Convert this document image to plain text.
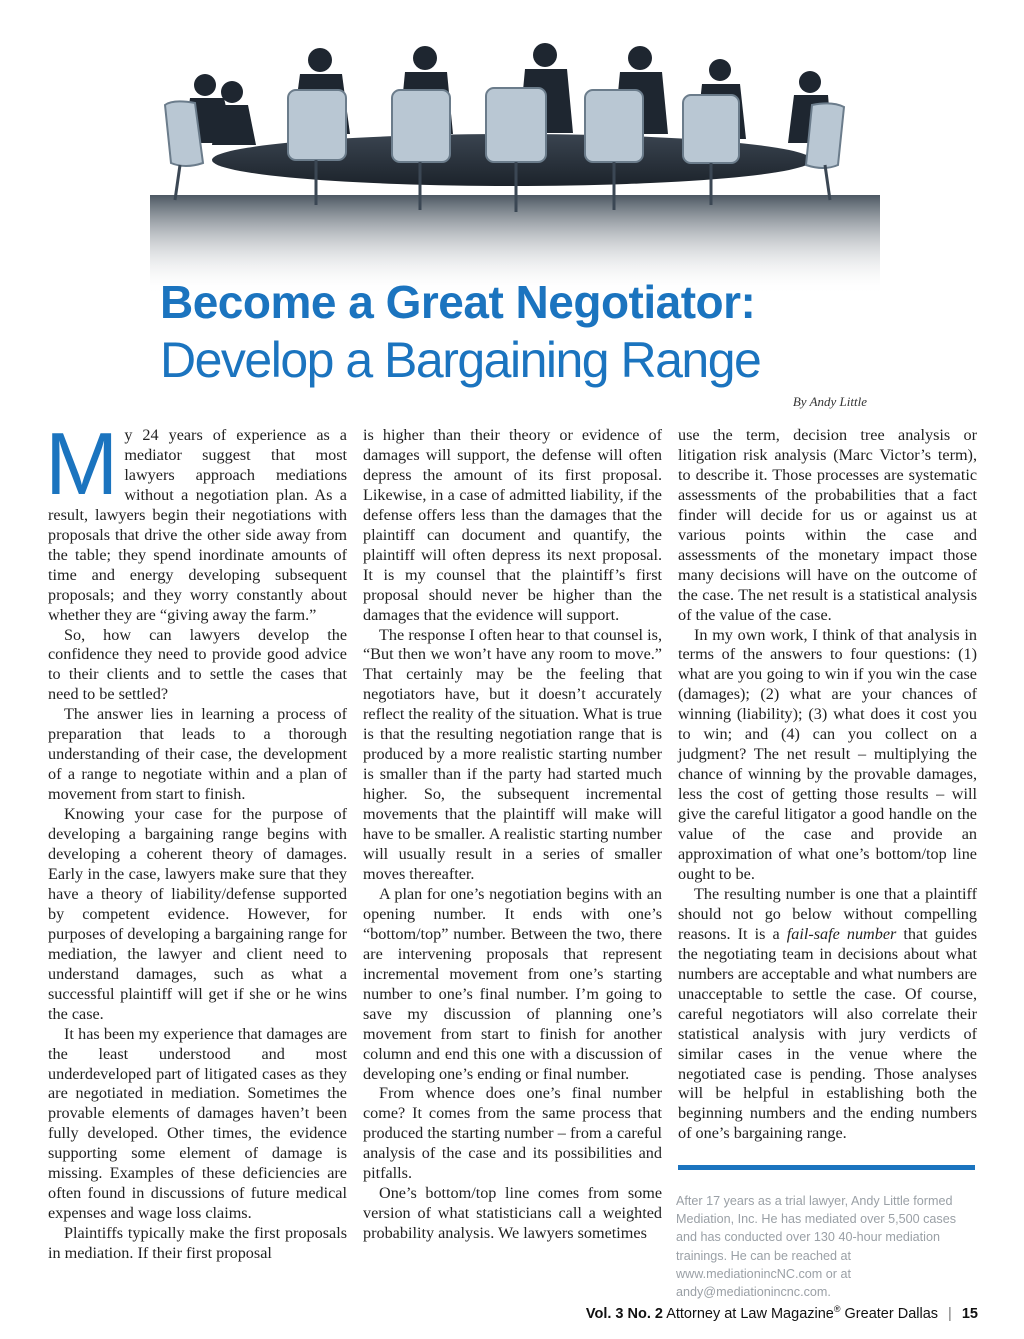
Become a Great Negotiator:
Develop a Bargaining Range
By Andy Little

My 24 years of experience as a mediator suggest that most lawyers approach mediations without a negotiation plan. As a result, lawyers begin their negotiations with proposals that drive the other side away from the table; they spend inordinate amounts of time and energy developing subsequent proposals; and they worry constantly about whether they are “giving away the farm.”

So, how can lawyers develop the confidence they need to provide good advice to their clients and to settle the cases that need to be settled?

The answer lies in learning a process of preparation that leads to a thorough understanding of their case, the development of a range to negotiate within and a plan of movement from start to finish.

Knowing your case for the purpose of developing a bargaining range begins with developing a coherent theory of damages. Early in the case, lawyers make sure that they have a theory of liability/defense supported by competent evidence. However, for purposes of developing a bargaining range for mediation, the lawyer and client need to understand damages, such as what a successful plaintiff will get if she or he wins the case.

It has been my experience that damages are the least understood and most underdeveloped part of litigated cases as they are negotiated in mediation. Sometimes the provable elements of damages haven’t been fully developed. Other times, the evidence supporting some element of damage is missing. Examples of these deficiencies are often found in discussions of future medical expenses and wage loss claims.

Plaintiffs typically make the first proposals in mediation. If their first proposal

is higher than their theory or evidence of damages will support, the defense will often depress the amount of its first proposal. Likewise, in a case of admitted liability, if the defense offers less than the damages that the plaintiff can document and quantify, the plaintiff will often depress its next proposal. It is my counsel that the plaintiff’s first proposal should never be higher than the damages that the evidence will support.

The response I often hear to that counsel is, “But then we won’t have any room to move.” That certainly may be the feeling that negotiators have, but it doesn’t accurately reflect the reality of the situation. What is true is that the resulting negotiation range that is produced by a more realistic starting number is smaller than if the party had started much higher. So, the subsequent incremental movements that the plaintiff will make will have to be smaller. A realistic starting number will usually result in a series of smaller moves thereafter.

A plan for one’s negotiation begins with an opening number. It ends with one’s “bottom/top” number. Between the two, there are intervening proposals that represent incremental movement from one’s starting number to one’s final number. I’m going to save my discussion of planning one’s movement from start to finish for another column and end this one with a discussion of developing one’s ending or final number.

From whence does one’s final number come? It comes from the same process that produced the starting number – from a careful analysis of the case and its possibilities and pitfalls.

One’s bottom/top line comes from some version of what statisticians call a weighted probability analysis. We lawyers sometimes

use the term, decision tree analysis or litigation risk analysis (Marc Victor’s term), to describe it. Those processes are systematic assessments of the probabilities that a fact finder will decide for us or against us at various points within the case and assessments of the monetary impact those many decisions will have on the outcome of the case. The net result is a statistical analysis of the value of the case.

In my own work, I think of that analysis in terms of the answers to four questions: (1) what are you going to win if you win the case (damages); (2) what are your chances of winning (liability); (3) what does it cost you to win; and (4) can you collect on a judgment? The net result – multiplying the chance of winning by the provable damages, less the cost of getting those results – will give the careful litigator a good handle on the value of the case and provide an approximation of what one’s bottom/top line ought to be.

The resulting number is one that a plaintiff should not go below without compelling reasons. It is a fail-safe number that guides the negotiating team in decisions about what numbers are acceptable and what numbers are unacceptable to settle the case. Of course, careful negotiators will also correlate their statistical analysis with jury verdicts of similar cases in the venue where the negotiated case is pending. Those analyses will be helpful in establishing both the beginning numbers and the ending numbers of one’s bargaining range.

After 17 years as a trial lawyer, Andy Little formed Mediation, Inc. He has mediated over 5,500 cases and has conducted over 130 40-hour mediation trainings. He can be reached at www.mediationincNC.com or at andy@mediationincnc.com.
Vol. 3 No. 2 Attorney at Law Magazine® Greater Dallas | 15
